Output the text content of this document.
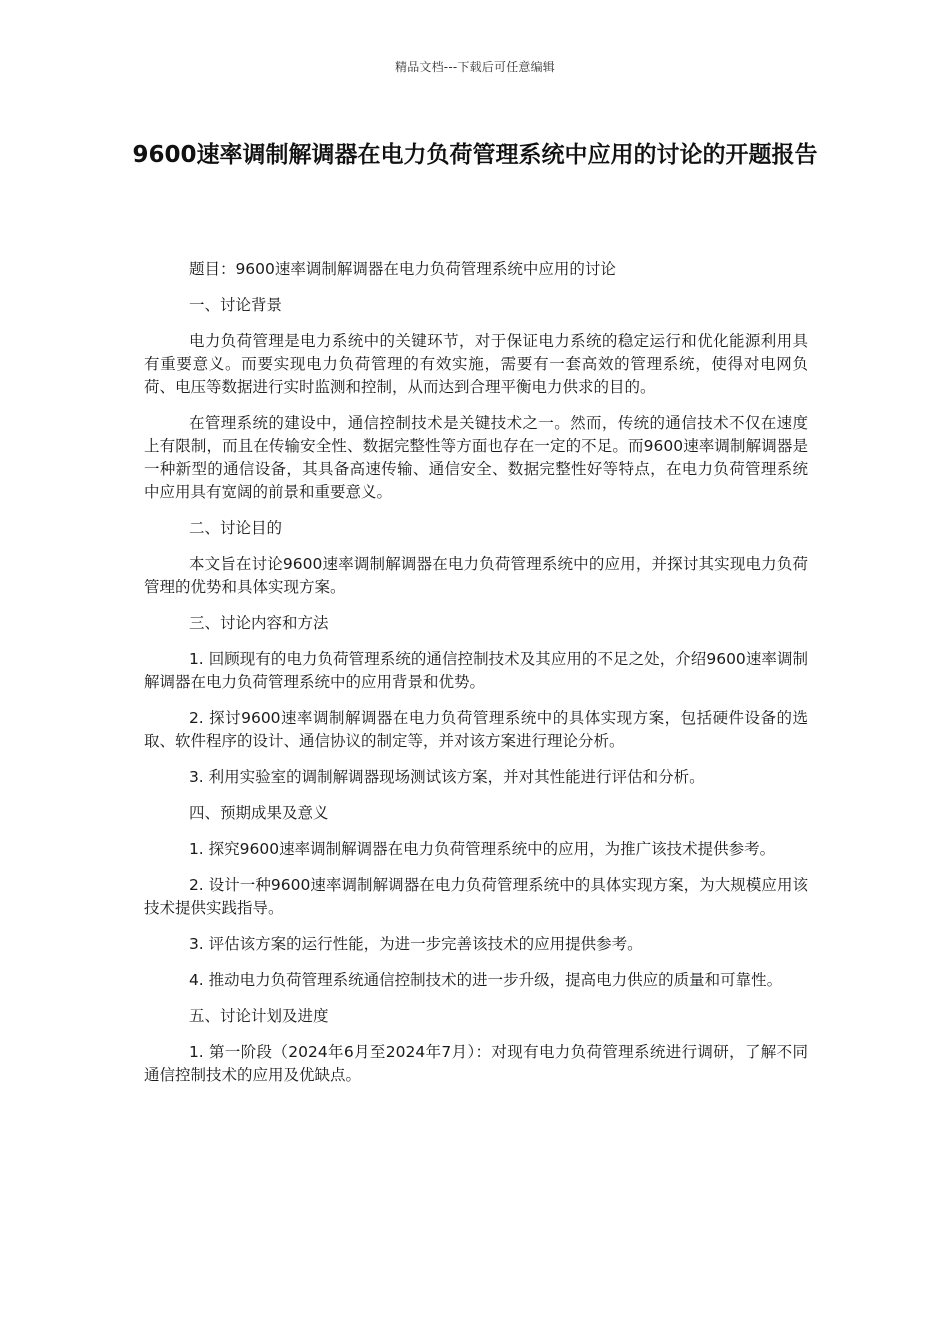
精品文档---下载后可任意编辑
9600速率调制解调器在电力负荷管理系统中应用的讨论的开题报告

题目：9600速率调制解调器在电力负荷管理系统中应用的讨论

一、讨论背景

电力负荷管理是电力系统中的关键环节，对于保证电力系统的稳定运行和优化能源利用具有重要意义。而要实现电力负荷管理的有效实施，需要有一套高效的管理系统，使得对电网负荷、电压等数据进行实时监测和控制，从而达到合理平衡电力供求的目的。

在管理系统的建设中，通信控制技术是关键技术之一。然而，传统的通信技术不仅在速度上有限制，而且在传输安全性、数据完整性等方面也存在一定的不足。而9600速率调制解调器是一种新型的通信设备，其具备高速传输、通信安全、数据完整性好等特点，在电力负荷管理系统中应用具有宽阔的前景和重要意义。

二、讨论目的

本文旨在讨论9600速率调制解调器在电力负荷管理系统中的应用，并探讨其实现电力负荷管理的优势和具体实现方案。

三、讨论内容和方法

1. 回顾现有的电力负荷管理系统的通信控制技术及其应用的不足之处，介绍9600速率调制解调器在电力负荷管理系统中的应用背景和优势。

2. 探讨9600速率调制解调器在电力负荷管理系统中的具体实现方案，包括硬件设备的选取、软件程序的设计、通信协议的制定等，并对该方案进行理论分析。

3. 利用实验室的调制解调器现场测试该方案，并对其性能进行评估和分析。

四、预期成果及意义

1. 探究9600速率调制解调器在电力负荷管理系统中的应用，为推广该技术提供参考。

2. 设计一种9600速率调制解调器在电力负荷管理系统中的具体实现方案，为大规模应用该技术提供实践指导。

3. 评估该方案的运行性能，为进一步完善该技术的应用提供参考。

4. 推动电力负荷管理系统通信控制技术的进一步升级，提高电力供应的质量和可靠性。

五、讨论计划及进度

1. 第一阶段（2024年6月至2024年7月）：对现有电力负荷管理系统进行调研，了解不同通信控制技术的应用及优缺点。
